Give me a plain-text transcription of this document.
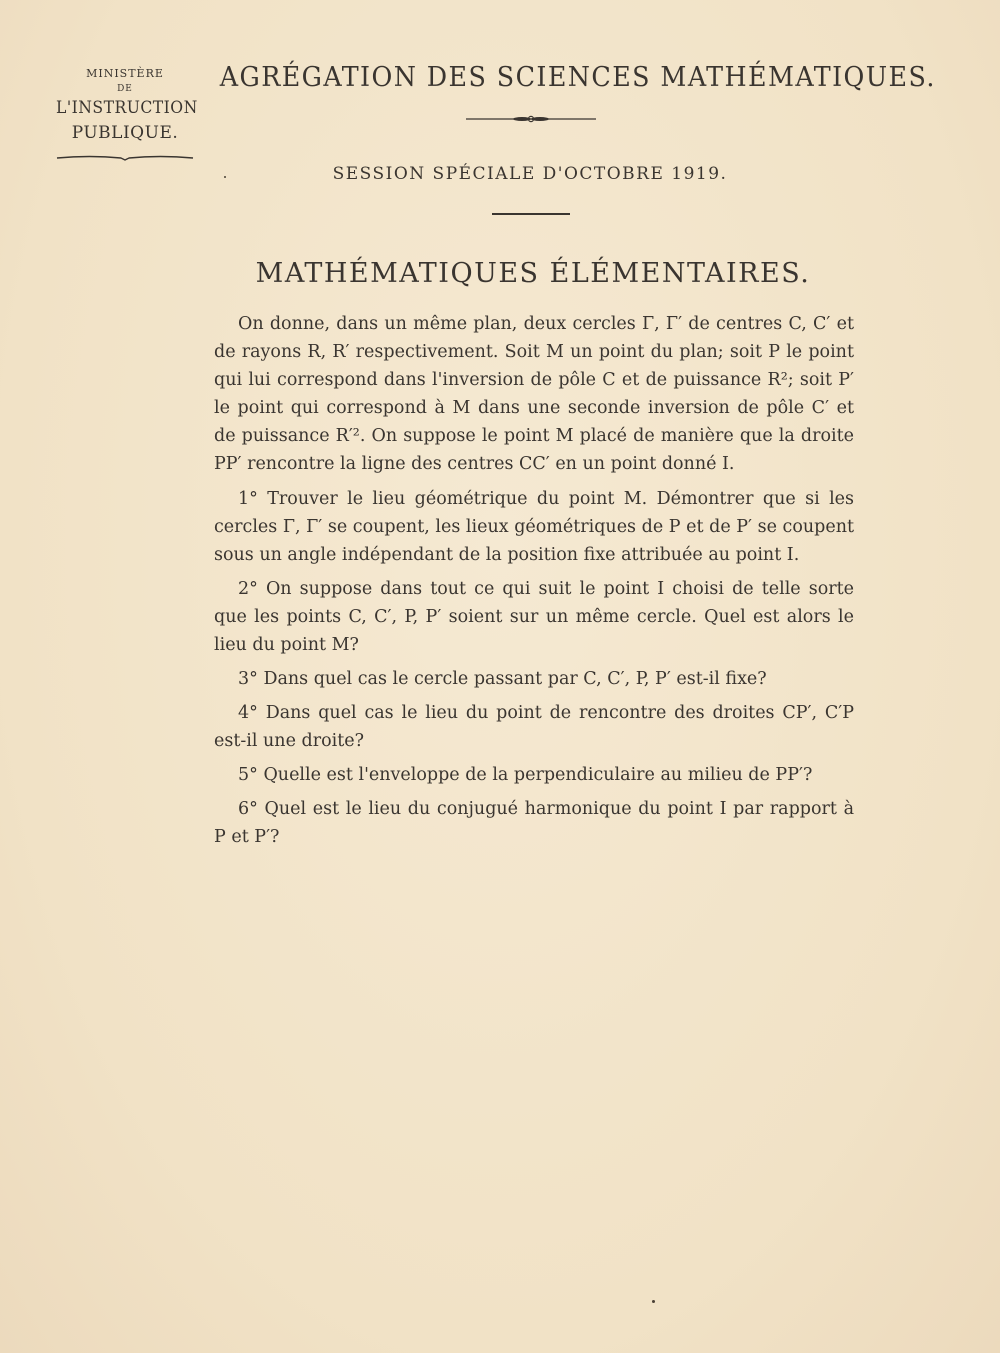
MINISTÈRE
DE
L'INSTRUCTION
PUBLIQUE.
AGRÉGATION DES SCIENCES MATHÉMATIQUES.
SESSION SPÉCIALE D'OCTOBRE 1919.
MATHÉMATIQUES ÉLÉMENTAIRES.

On donne, dans un même plan, deux cercles Γ, Γ′ de centres C, C′ et de rayons R, R′ respectivement. Soit M un point du plan; soit P le point qui lui correspond dans l'inversion de pôle C et de puissance R²; soit P′ le point qui correspond à M dans une seconde inversion de pôle C′ et de puissance R′². On suppose le point M placé de manière que la droite PP′ rencontre la ligne des centres CC′ en un point donné I.

1° Trouver le lieu géométrique du point M. Démontrer que si les cercles Γ, Γ′ se coupent, les lieux géométriques de P et de P′ se coupent sous un angle indépendant de la position fixe attribuée au point I.

2° On suppose dans tout ce qui suit le point I choisi de telle sorte que les points C, C′, P, P′ soient sur un même cercle. Quel est alors le lieu du point M?

3° Dans quel cas le cercle passant par C, C′, P, P′ est-il fixe?

4° Dans quel cas le lieu du point de rencontre des droites CP′, C′P est-il une droite?

5° Quelle est l'enveloppe de la perpendiculaire au milieu de PP′?

6° Quel est le lieu du conjugué harmonique du point I par rapport à P et P′?
